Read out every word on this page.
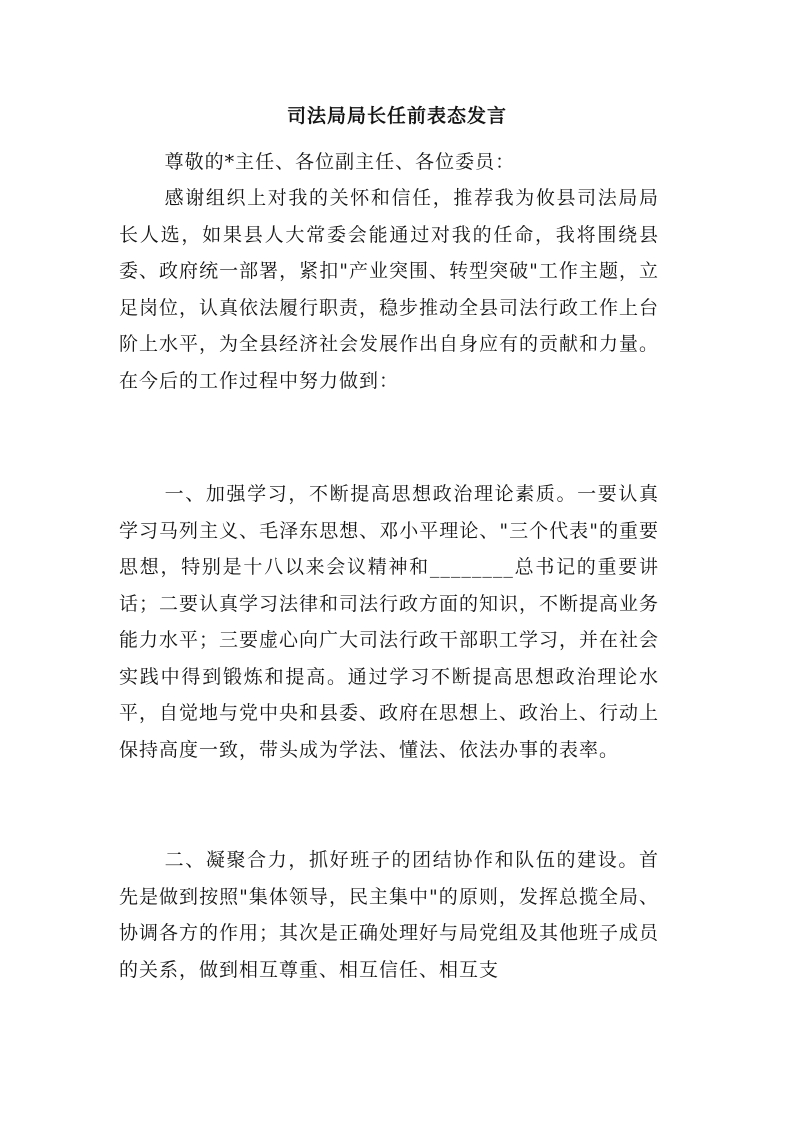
司法局局长任前表态发言

尊敬的*主任、各位副主任、各位委员：

感谢组织上对我的关怀和信任，推荐我为攸县司法局局长人选，如果县人大常委会能通过对我的任命，我将围绕县委、政府统一部署，紧扣"产业突围、转型突破"工作主题，立足岗位，认真依法履行职责，稳步推动全县司法行政工作上台阶上水平，为全县经济社会发展作出自身应有的贡献和力量。在今后的工作过程中努力做到：

一、加强学习，不断提高思想政治理论素质。一要认真学习马列主义、毛泽东思想、邓小平理论、"三个代表"的重要思想，特别是十八以来会议精神和________总书记的重要讲话；二要认真学习法律和司法行政方面的知识，不断提高业务能力水平；三要虚心向广大司法行政干部职工学习，并在社会实践中得到锻炼和提高。通过学习不断提高思想政治理论水平，自觉地与党中央和县委、政府在思想上、政治上、行动上保持高度一致，带头成为学法、懂法、依法办事的表率。

二、凝聚合力，抓好班子的团结协作和队伍的建设。首先是做到按照"集体领导，民主集中"的原则，发挥总揽全局、协调各方的作用；其次是正确处理好与局党组及其他班子成员的关系，做到相互尊重、相互信任、相互支
